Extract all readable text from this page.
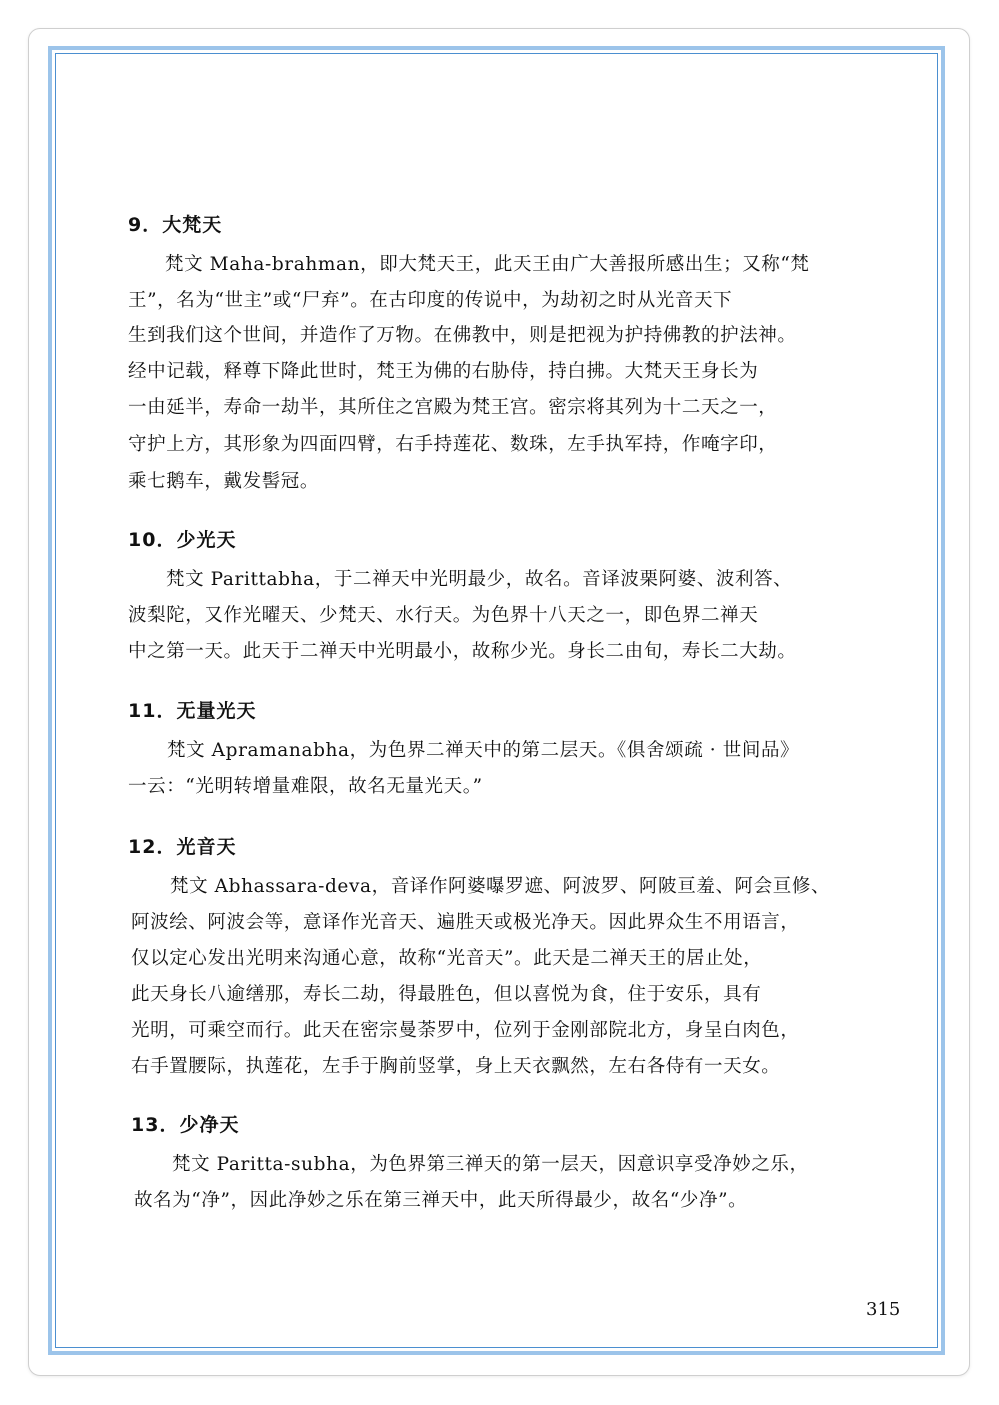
9．大梵天
梵文 Maha-brahman，即大梵天王，此天王由广大善报所感出生；又称“梵
王”，名为“世主”或“尸弃”。在古印度的传说中，为劫初之时从光音天下
生到我们这个世间，并造作了万物。在佛教中，则是把视为护持佛教的护法神。
经中记载，释尊下降此世时，梵王为佛的右胁侍，持白拂。大梵天王身长为
一由延半，寿命一劫半，其所住之宫殿为梵王宫。密宗将其列为十二天之一，
守护上方，其形象为四面四臂，右手持莲花、数珠，左手执军持，作唵字印，
乘七鹅车，戴发髻冠。
10．少光天
梵文 Parittabha，于二禅天中光明最少，故名。音译波栗阿婆、波利答、
波梨陀，又作光曜天、少梵天、水行天。为色界十八天之一，即色界二禅天
中之第一天。此天于二禅天中光明最小，故称少光。身长二由旬，寿长二大劫。
11．无量光天
梵文 Apramanabha，为色界二禅天中的第二层天。《俱舍颂疏 · 世间品》
一云：“光明转增量难限，故名无量光天。”
12．光音天
梵文 Abhassara-deva，音译作阿婆嚗罗遮、阿波罗、阿陂亘羞、阿会亘修、
阿波绘、阿波会等，意译作光音天、遍胜天或极光净天。因此界众生不用语言，
仅以定心发出光明来沟通心意，故称“光音天”。此天是二禅天王的居止处，
此天身长八逾缮那，寿长二劫，得最胜色，但以喜悦为食，住于安乐，具有
光明，可乘空而行。此天在密宗曼荼罗中，位列于金刚部院北方，身呈白肉色，
右手置腰际，执莲花，左手于胸前竖掌，身上天衣飘然，左右各侍有一天女。
13．少净天
梵文 Paritta-subha，为色界第三禅天的第一层天，因意识享受净妙之乐，
故名为“净”，因此净妙之乐在第三禅天中，此天所得最少，故名“少净”。
315
